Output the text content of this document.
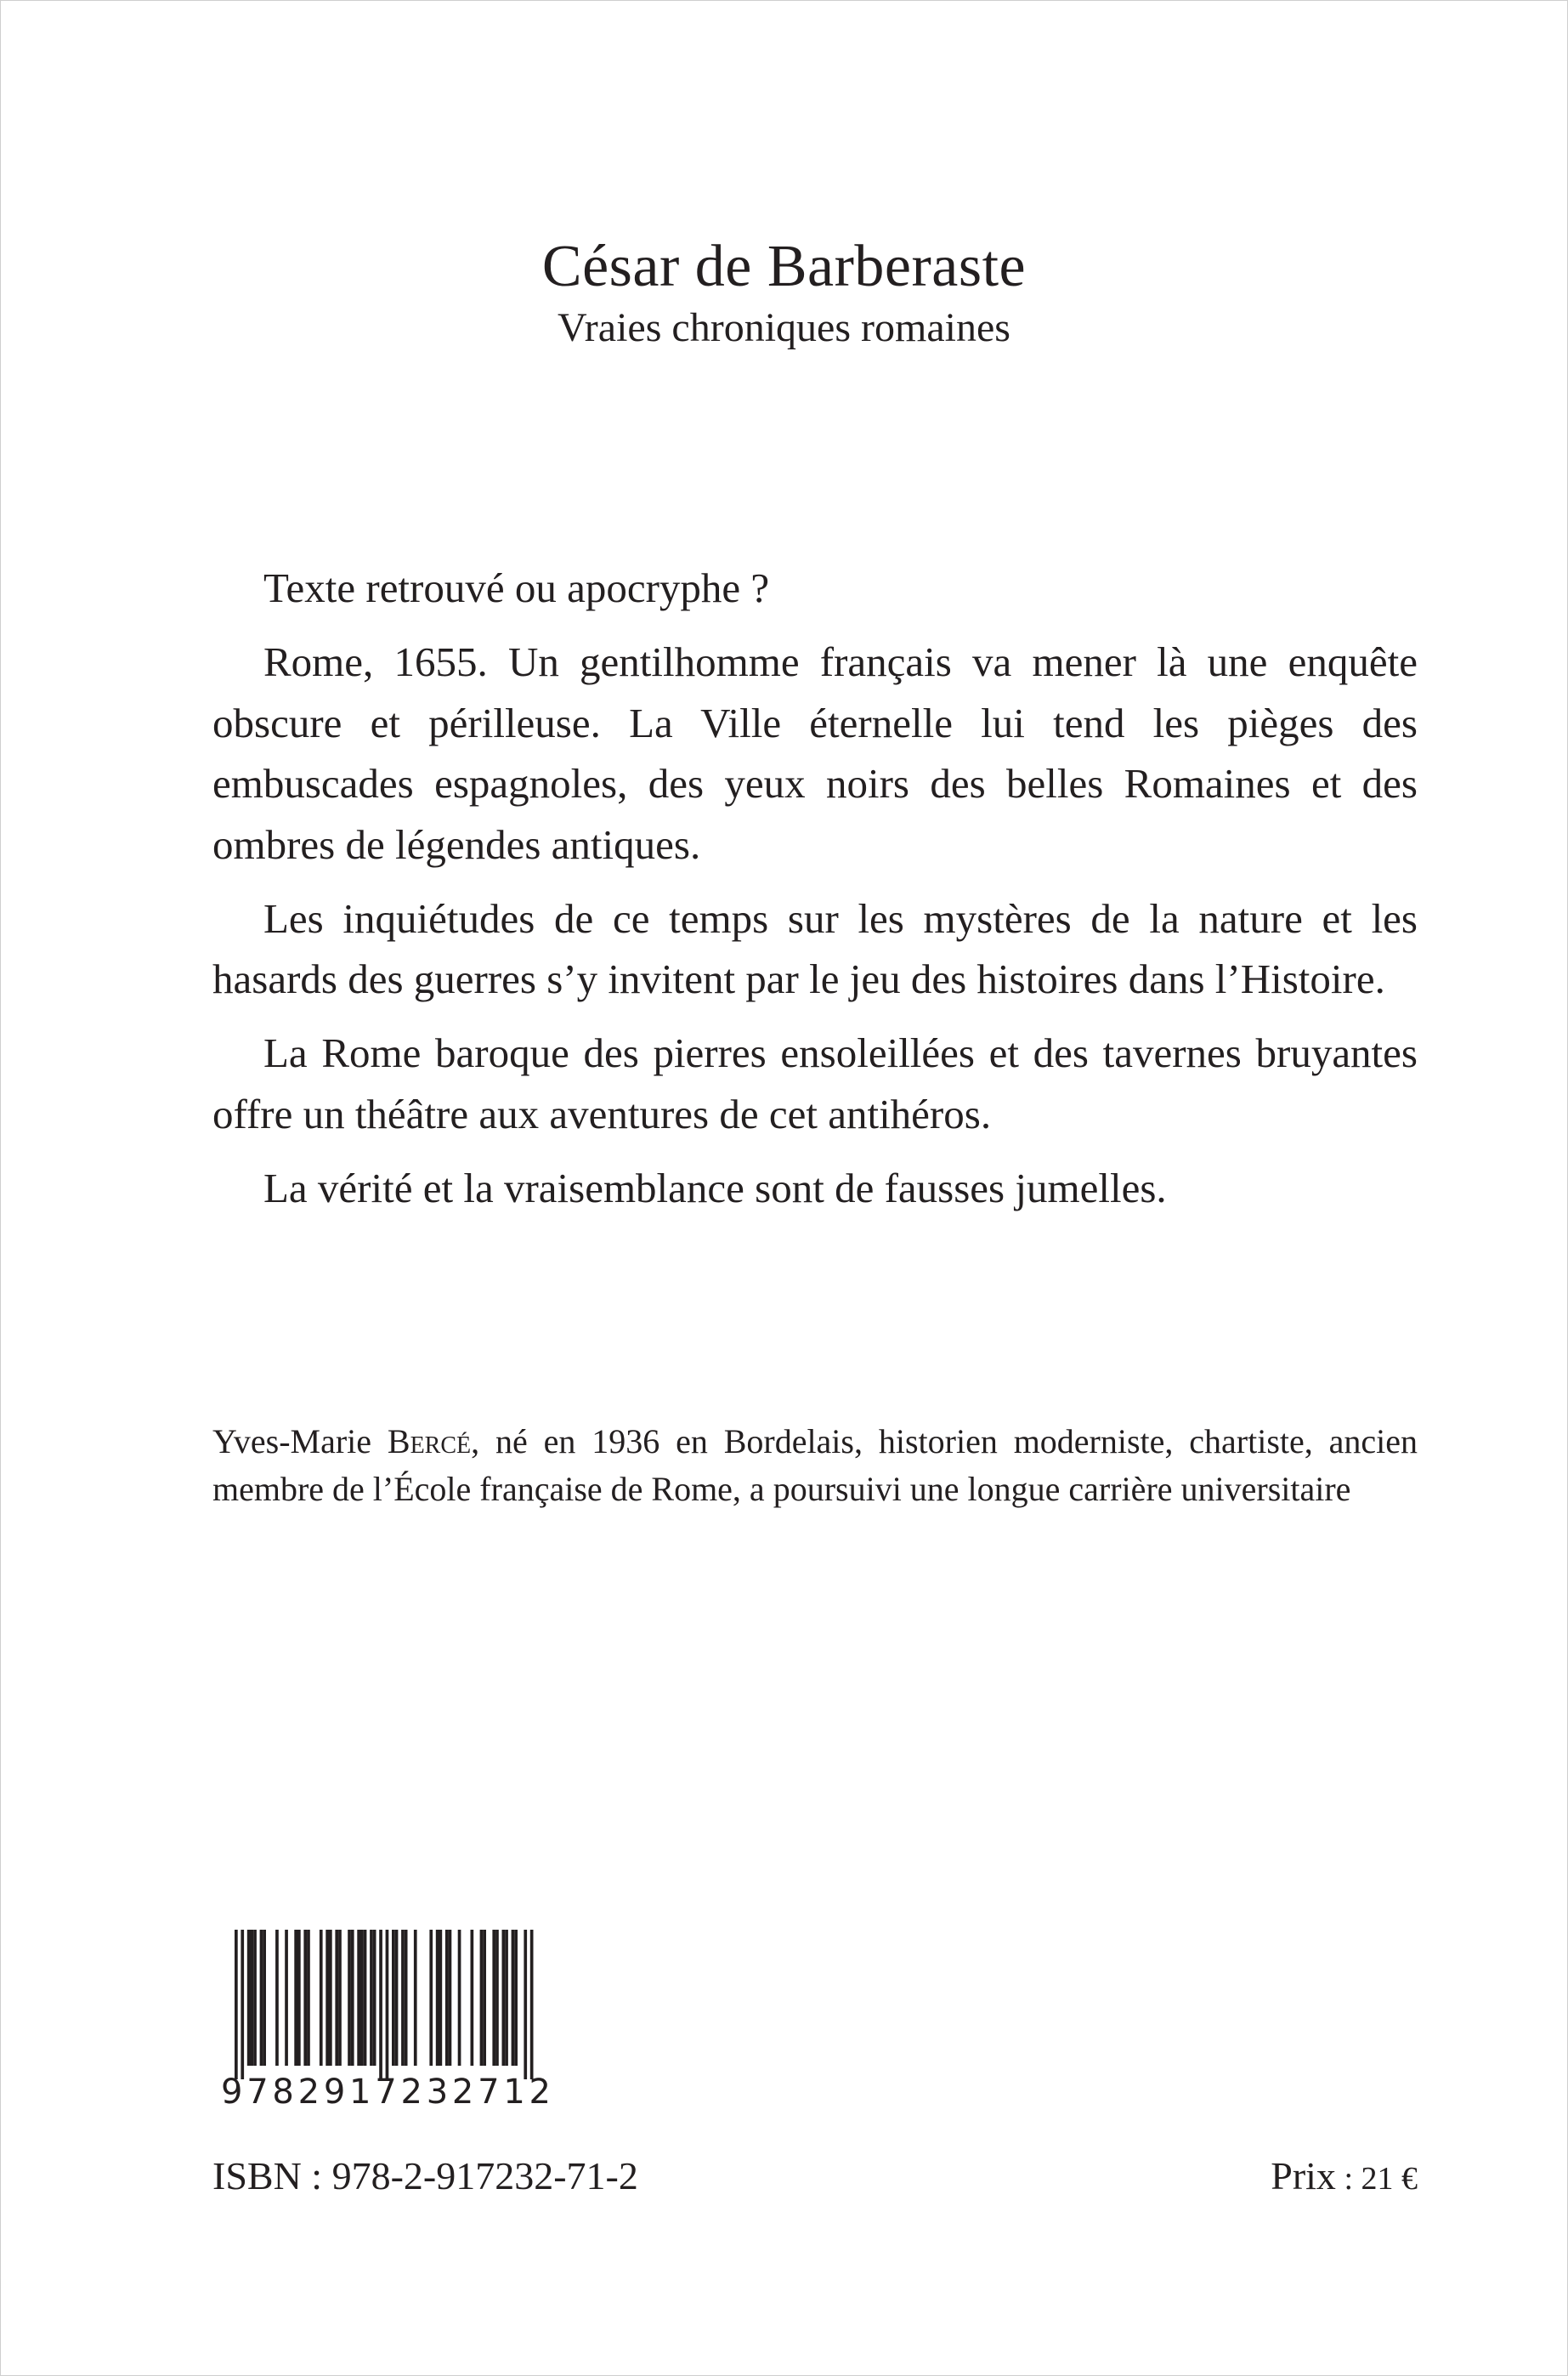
César de Barberaste
Vraies chroniques romaines

Texte retrouvé ou apocryphe ?

Rome, 1655. Un gentilhomme français va mener là une enquête obscure et périlleuse. La Ville éternelle lui tend les pièges des embuscades espagnoles, des yeux noirs des belles Romaines et des ombres de légendes antiques.

Les inquiétudes de ce temps sur les mystères de la nature et les hasards des guerres s’y invitent par le jeu des histoires dans l’Histoire.

La Rome baroque des pierres ensoleillées et des tavernes bruyantes offre un théâtre aux aventures de cet antihéros.

La vérité et la vraisemblance sont de fausses jumelles.

Yves-Marie Bercé, né en 1936 en Bordelais, historien moderniste, chartiste, ancien membre de l’École française de Rome, a poursuivi une longue carrière universitaire
9782917232712
ISBN : 978-2-917232-71-2	Prix : 21 €
